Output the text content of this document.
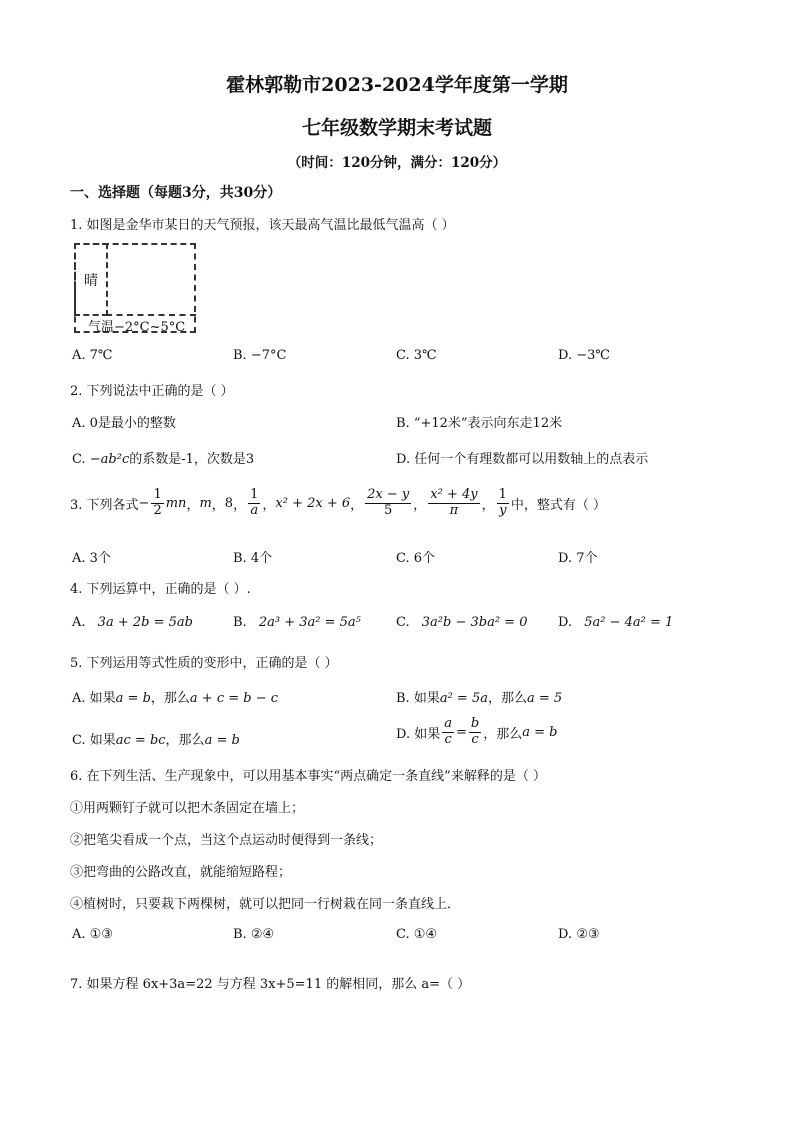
霍林郭勒市2023-2024学年度第一学期
七年级数学期末考试题
（时间：120分钟，满分：120分）
一、选择题（每题3分，共30分）
1. 如图是金华市某日的天气预报，该天最高气温比最低气温高（ ）
晴
气温−2°C~5°C
A. 7℃	B. −7°C	C. 3℃	D. −3℃
2. 下列说法中正确的是（ ）
A. 0是最小的整数	B. “+12米”表示向东走12米
C. −ab²c的系数是-1，次数是3	D. 任何一个有理数都可以用数轴上的点表示
3. 下列各式 − $\frac{1}{2}$ mn ， m ， 8 ， $\frac{1}{a}$ ， x² + 2x + 6 ， $\frac{2x - y}{5}$ ， $\frac{\text{x² + 4y}}{\pi}$ ， $\frac{1}{y}$ 中，整式有（ ）
A. 3个	B. 4个	C. 6个	D. 7个
4. 下列运算中，正确的是（ ）.
A. 3a + 2b = 5ab	B. 2a³ + 3a² = 5a⁵	C. 3a²b − 3ba² = 0 D. 5a² − 4a² = 1
5. 下列运用等式性质的变形中，正确的是（ ）
A. 如果a = b，那么a + c = b − c	B. 如果a² = 5a，那么a = 5
C. 如果ac = bc，那么a = b	D. 如果 $\frac{a}{c} = \frac{b}{c}$ ，那么 a = b
6. 在下列生活、生产现象中，可以用基本事实“两点确定一条直线”来解释的是（ ）
①用两颗钉子就可以把木条固定在墙上；
②把笔尖看成一个点，当这个点运动时便得到一条线；
③把弯曲的公路改直，就能缩短路程；
④植树时，只要栽下两棵树，就可以把同一行树栽在同一条直线上．
A. ①③	B. ②④	C. ①④	D. ②③
7. 如果方程 6x+3a=22 与方程 3x+5=11 的解相同，那么 a=（ ）
